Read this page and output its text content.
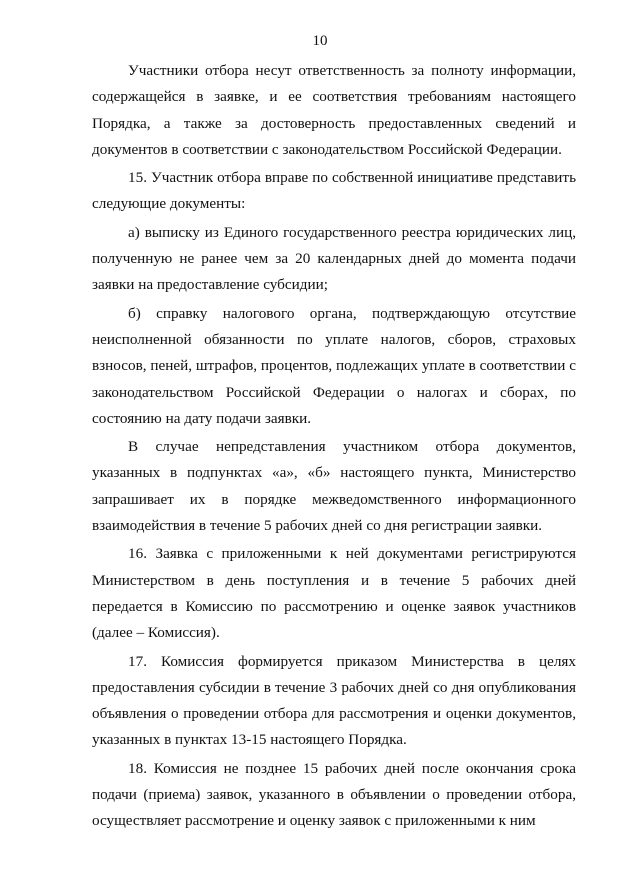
10

Участники отбора несут ответственность за полноту информации, содержащейся в заявке, и ее соответствия требованиям настоящего Порядка, а также за достоверность предоставленных сведений и документов в соответствии с законодательством Российской Федерации.

15. Участник отбора вправе по собственной инициативе представить следующие документы:

а) выписку из Единого государственного реестра юридических лиц, полученную не ранее чем за 20 календарных дней до момента подачи заявки на предоставление субсидии;

б) справку налогового органа, подтверждающую отсутствие неисполненной обязанности по уплате налогов, сборов, страховых взносов, пеней, штрафов, процентов, подлежащих уплате в соответствии с законодательством Российской Федерации о налогах и сборах, по состоянию на дату подачи заявки.

В случае непредставления участником отбора документов, указанных в подпунктах «а», «б» настоящего пункта, Министерство запрашивает их в порядке межведомственного информационного взаимодействия в течение 5 рабочих дней со дня регистрации заявки.

16. Заявка с приложенными к ней документами регистрируются Министерством в день поступления и в течение 5 рабочих дней передается в Комиссию по рассмотрению и оценке заявок участников (далее – Комиссия).

17. Комиссия формируется приказом Министерства в целях предоставления субсидии в течение 3 рабочих дней со дня опубликования объявления о проведении отбора для рассмотрения и оценки документов, указанных в пунктах 13-15 настоящего Порядка.

18. Комиссия не позднее 15 рабочих дней после окончания срока подачи (приема) заявок, указанного в объявлении о проведении отбора, осуществляет рассмотрение и оценку заявок с приложенными к ним
